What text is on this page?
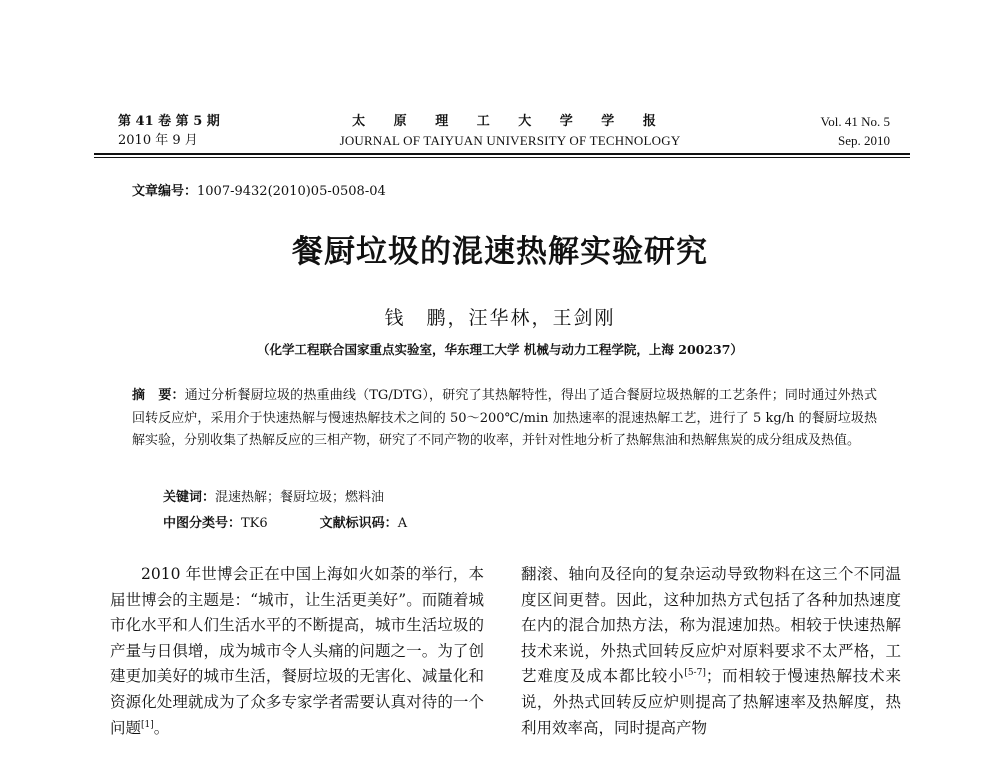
第 41 卷 第 5 期
2010 年 9 月
太 原 理 工 大 学 学 报
JOURNAL OF TAIYUAN UNIVERSITY OF TECHNOLOGY
Vol. 41 No. 5
Sep. 2010
文章编号：1007-9432(2010)05-0508-04
餐厨垃圾的混速热解实验研究
钱　鹏，汪华林，王剑刚
（化学工程联合国家重点实验室，华东理工大学 机械与动力工程学院，上海 200237）
摘　要：通过分析餐厨垃圾的热重曲线（TG/DTG），研究了其热解特性，得出了适合餐厨垃圾热解的工艺条件；同时通过外热式回转反应炉，采用介于快速热解与慢速热解技术之间的 50～200℃/min 加热速率的混速热解工艺，进行了 5 kg/h 的餐厨垃圾热解实验，分别收集了热解反应的三相产物，研究了不同产物的收率，并针对性地分析了热解焦油和热解焦炭的成分组成及热值。
关键词：混速热解；餐厨垃圾；燃料油
中图分类号：TK6	文献标识码：A
2010 年世博会正在中国上海如火如荼的举行，本届世博会的主题是：“城市，让生活更美好”。而随着城市化水平和人们生活水平的不断提高，城市生活垃圾的产量与日俱增，成为城市令人头痛的问题之一。为了创建更加美好的城市生活，餐厨垃圾的无害化、减量化和资源化处理就成为了众多专家学者需要认真对待的一个问题[1]。
翻滚、轴向及径向的复杂运动导致物料在这三个不同温度区间更替。因此，这种加热方式包括了各种加热速度在内的混合加热方法，称为混速加热。相较于快速热解技术来说，外热式回转反应炉对原料要求不太严格，工艺难度及成本都比较小[5-7]；而相较于慢速热解技术来说，外热式回转反应炉则提高了热解速率及热解度，热利用效率高，同时提高产物
